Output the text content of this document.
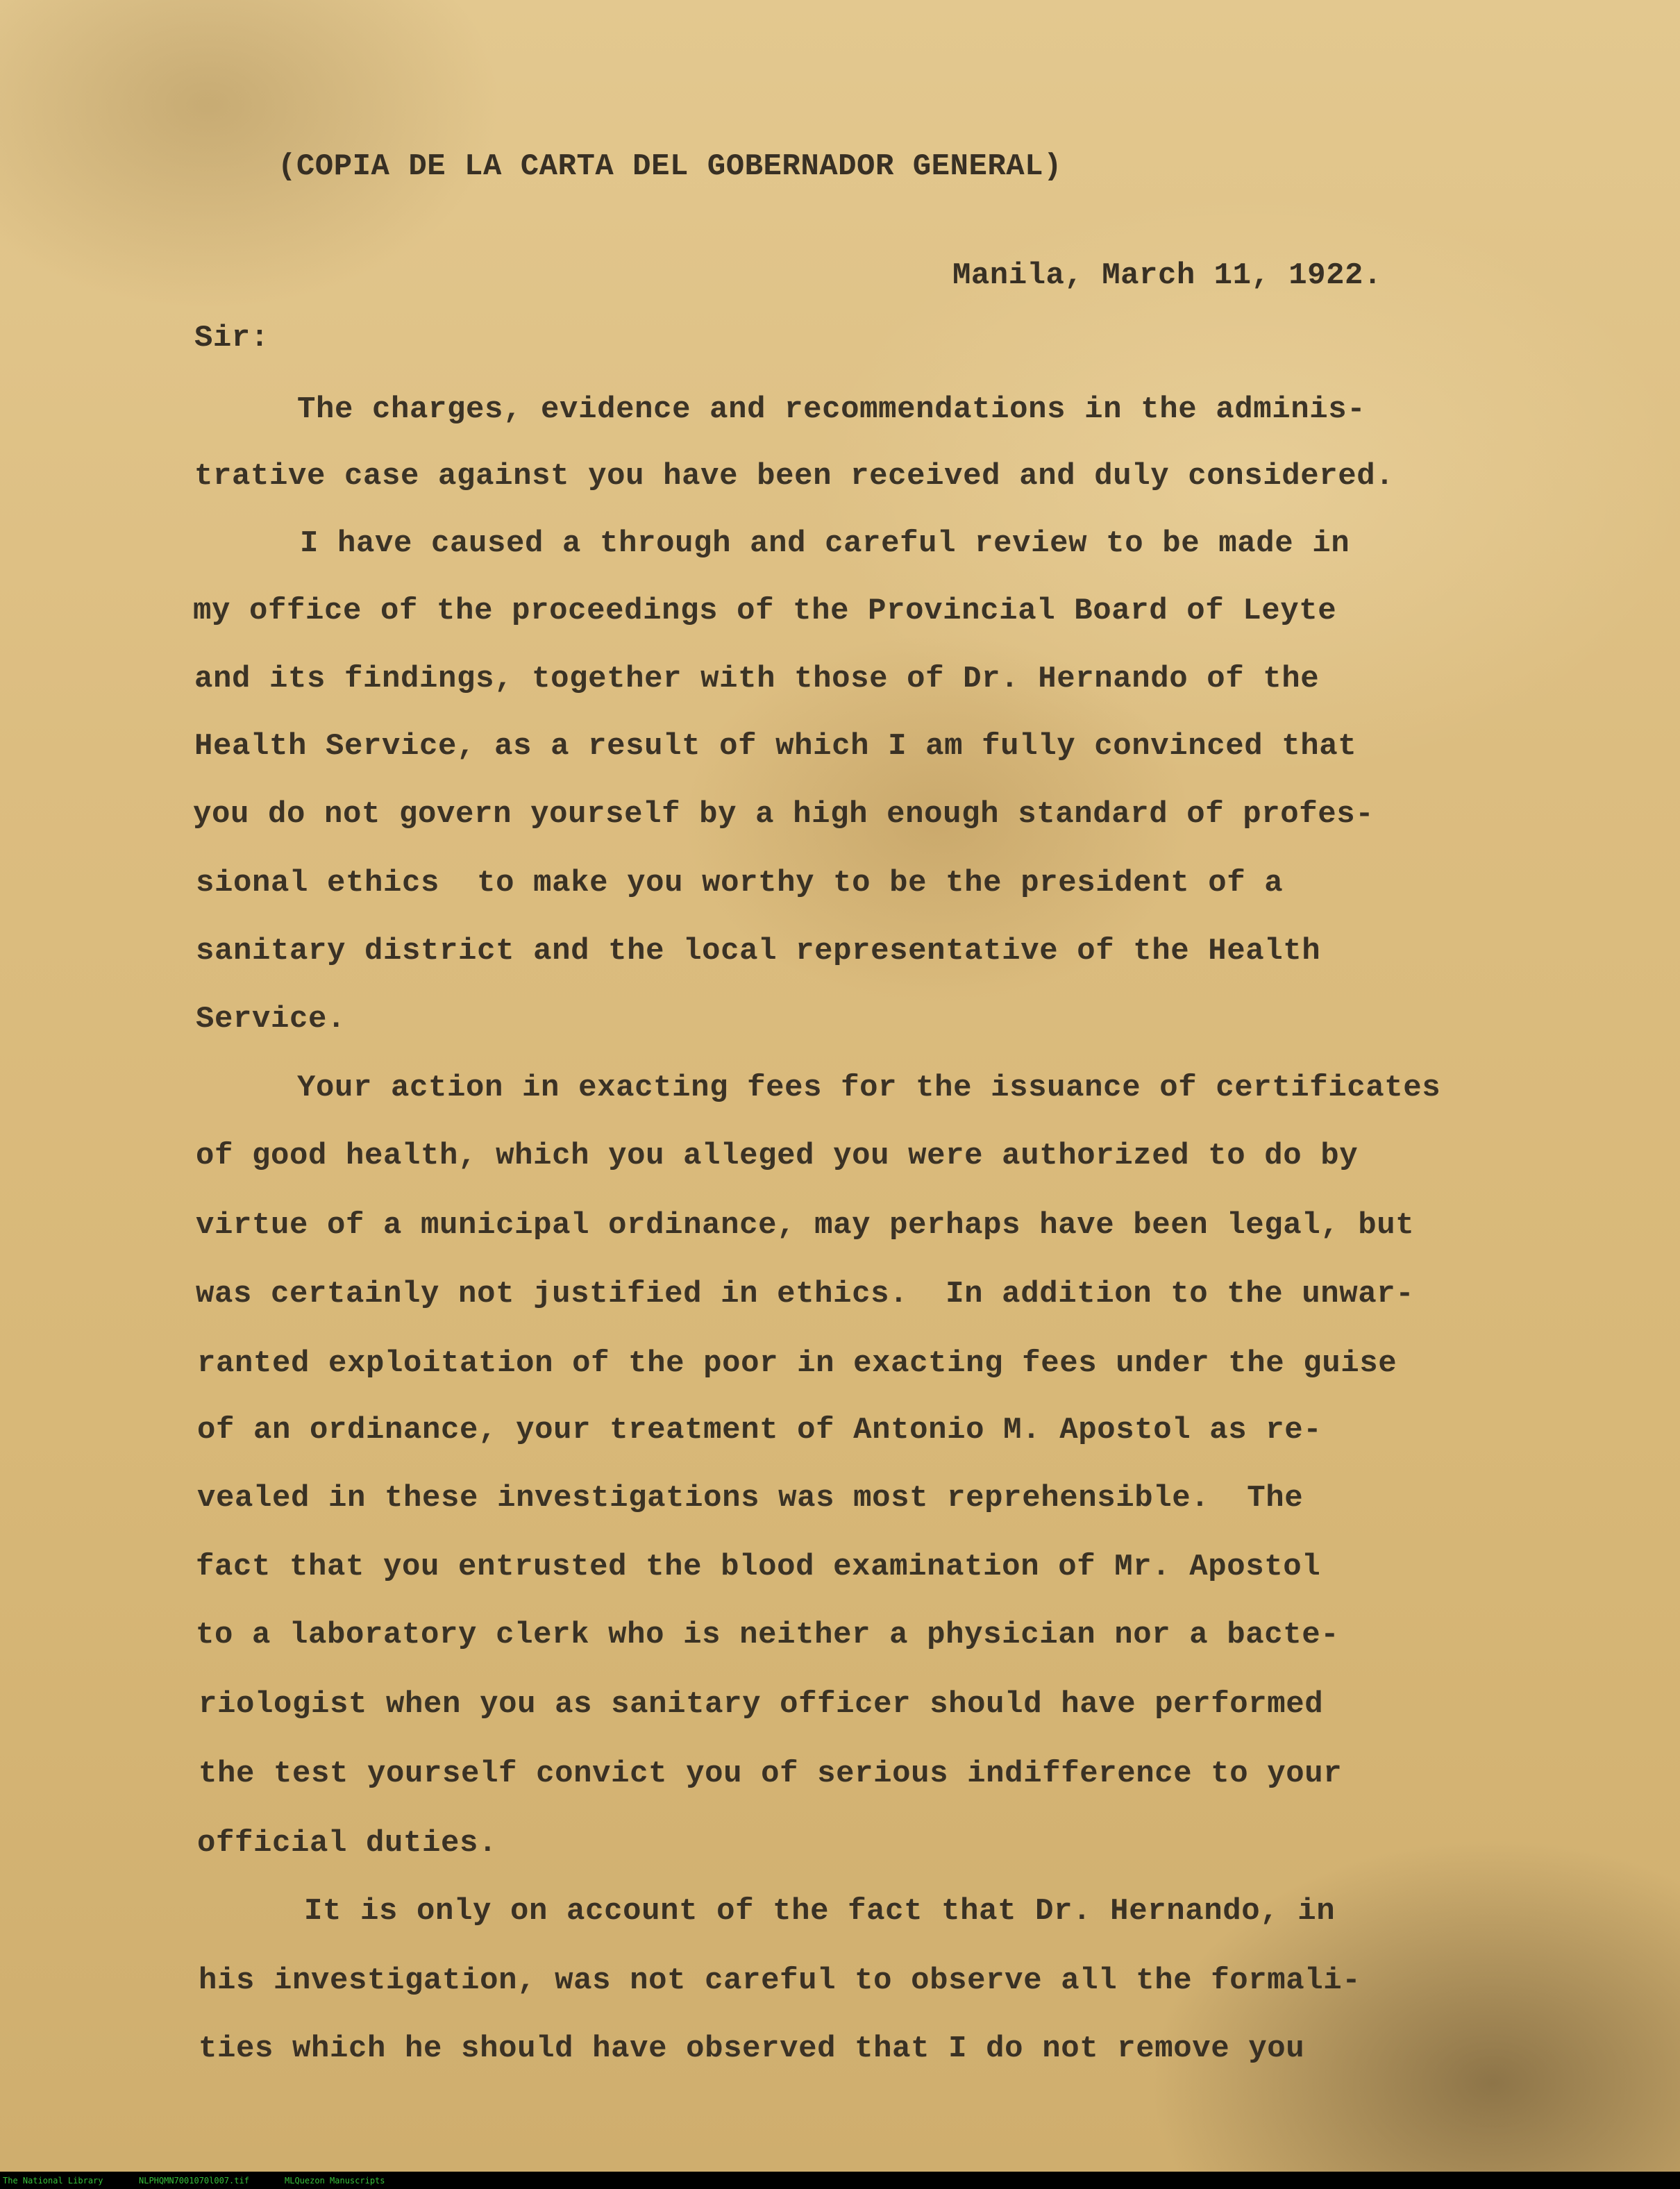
(COPIA DE LA CARTA DEL GOBERNADOR GENERAL)
Manila, March 11, 1922.
Sir:
The charges, evidence and recommendations in the adminis-
trative case against you have been received and duly considered.
I have caused a through and careful review to be made in
my office of the proceedings of the Provincial Board of Leyte
and its findings, together with those of Dr. Hernando of the
Health Service, as a result of which I am fully convinced that
you do not govern yourself by a high enough standard of profes-
sional ethics  to make you worthy to be the president of a
sanitary district and the local representative of the Health
Service.
Your action in exacting fees for the issuance of certificates
of good health, which you alleged you were authorized to do by
virtue of a municipal ordinance, may perhaps have been legal, but
was certainly not justified in ethics.  In addition to the unwar-
ranted exploitation of the poor in exacting fees under the guise
of an ordinance, your treatment of Antonio M. Apostol as re-
vealed in these investigations was most reprehensible.  The
fact that you entrusted the blood examination of Mr. Apostol
to a laboratory clerk who is neither a physician nor a bacte-
riologist when you as sanitary officer should have performed
the test yourself convict you of serious indifference to your
official duties.
It is only on account of the fact that Dr. Hernando, in
his investigation, was not careful to observe all the formali-
ties which he should have observed that I do not remove you
The National Library	NLPHQMN7001070l007.tif	MLQuezon Manuscripts
